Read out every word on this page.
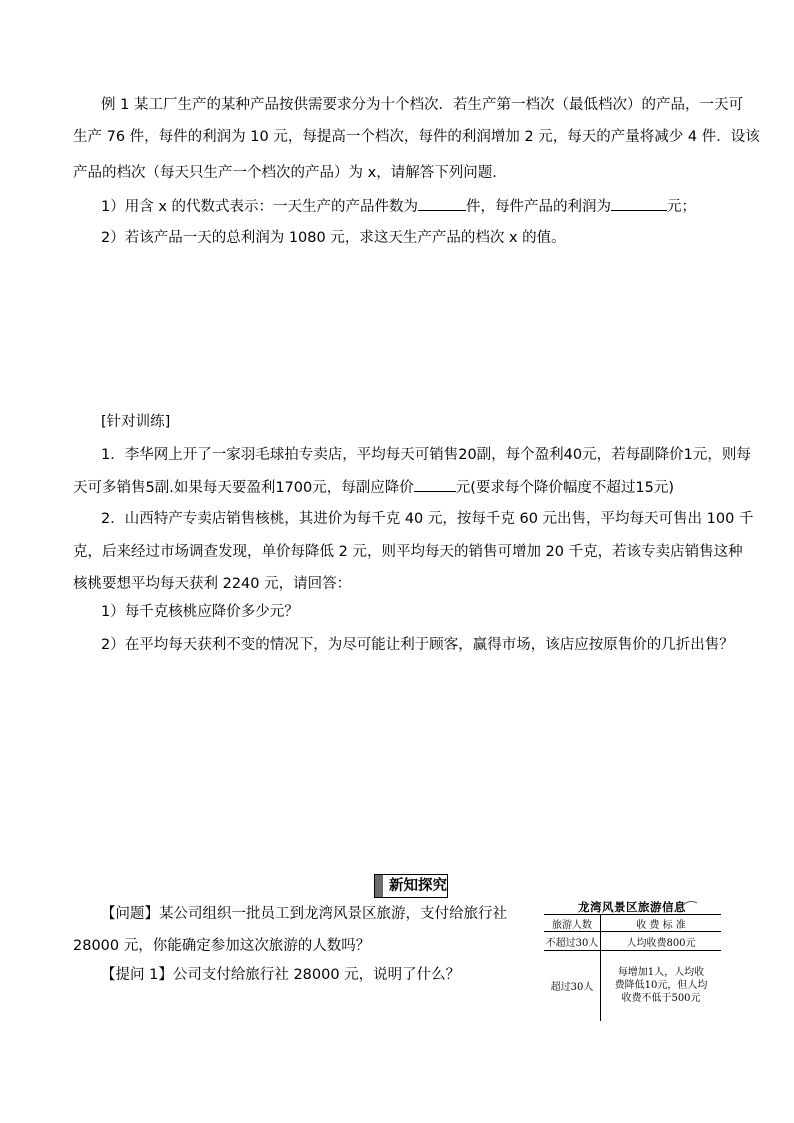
例 1 某工厂生产的某种产品按供需要求分为十个档次．若生产第一档次（最低档次）的产品，一天可
生产 76 件，每件的利润为 10 元，每提高一个档次，每件的利润增加 2 元，每天的产量将减少 4 件．设该
产品的档次（每天只生产一个档次的产品）为 x，请解答下列问题．
1）用含 x 的代数式表示：一天生产的产品件数为	件，每件产品的利润为	元；
2）若该产品一天的总利润为 1080 元，求这天生产产品的档次 x 的值。
[针对训练]
1．李华网上开了一家羽毛球拍专卖店，平均每天可销售20副，每个盈利40元，若每副降价1元，则每
天可多销售5副.如果每天要盈利1700元，每副应降价	元(要求每个降价幅度不超过15元)
2．山西特产专卖店销售核桃，其进价为每千克 40 元，按每千克 60 元出售，平均每天可售出 100 千
克，后来经过市场调查发现，单价每降低 2 元，则平均每天的销售可增加 20 千克，若该专卖店销售这种
核桃要想平均每天获利 2240 元，请回答：
1）每千克核桃应降价多少元？
2）在平均每天获利不变的情况下，为尽可能让利于顾客，赢得市场，该店应按原售价的几折出售？
新知探究
【问题】某公司组织一批员工到龙湾风景区旅游，支付给旅行社
28000 元，你能确定参加这次旅游的人数吗？
【提问 1】公司支付给旅行社 28000 元，说明了什么？
龙湾风景区旅游信息
旅游人数	收 费 标 准
不超过30人	人均收费800元
超过30人	每增加1人，人均收
费降低10元，但人均
收费不低于500元
